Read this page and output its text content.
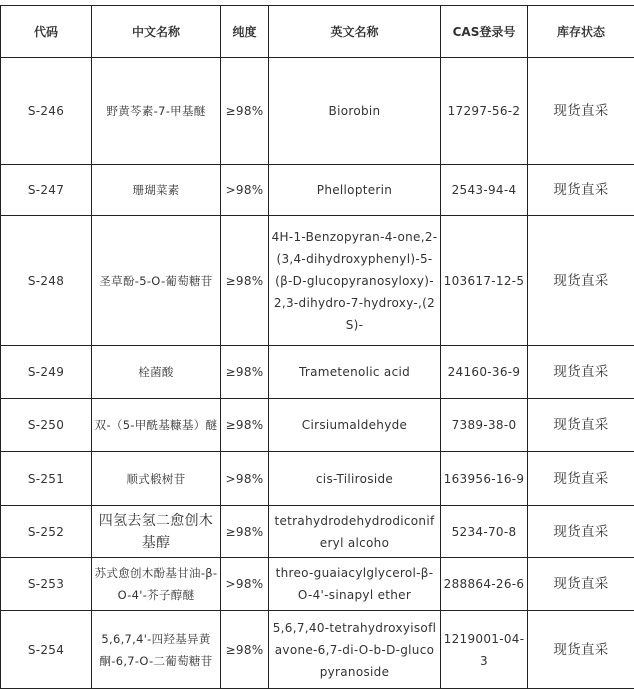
代码	中文名称	纯度	英文名称	CAS登录号	库存状态
S-246	野黄芩素-7-甲基醚	≥98%	Biorobin	17297-56-2	现货直采
S-247	珊瑚菜素	>98%	Phellopterin	2543-94-4	现货直采
S-248	圣草酚-5-O-葡萄糖苷	≥98%	4H-1-Benzopyran-4-one,2-(3,4-dihydroxyphenyl)-5-(β-D-glucopyranosyloxy)-2,3-dihydro-7-hydroxy-,(2S)-	103617-12-5	现货直采
S-249	栓菌酸	≥98%	Trametenolic acid	24160-36-9	现货直采
S-250	双-（5-甲酰基糠基）醚	≥98%	Cirsiumaldehyde	7389-38-0	现货直采
S-251	顺式椴树苷	>98%	cis-Tiliroside	163956-16-9	现货直采
S-252	四氢去氢二愈创木基醇	≥98%	tetrahydrodehydrodiconiferyl alcoho	5234-70-8	现货直采
S-253	苏式愈创木酚基甘油-β-O-4'-芥子醇醚	>98%	threo-guaiacylglycerol-β-O-4'-sinapyl ether	288864-26-6	现货直采
S-254	5,6,7,4'-四羟基异黄酮-6,7-O-二葡萄糖苷	≥98%	5,6,7,40-tetrahydroxyisoflavone-6,7-di-O-b-D-glucopyranoside	1219001-04-3	现货直采
